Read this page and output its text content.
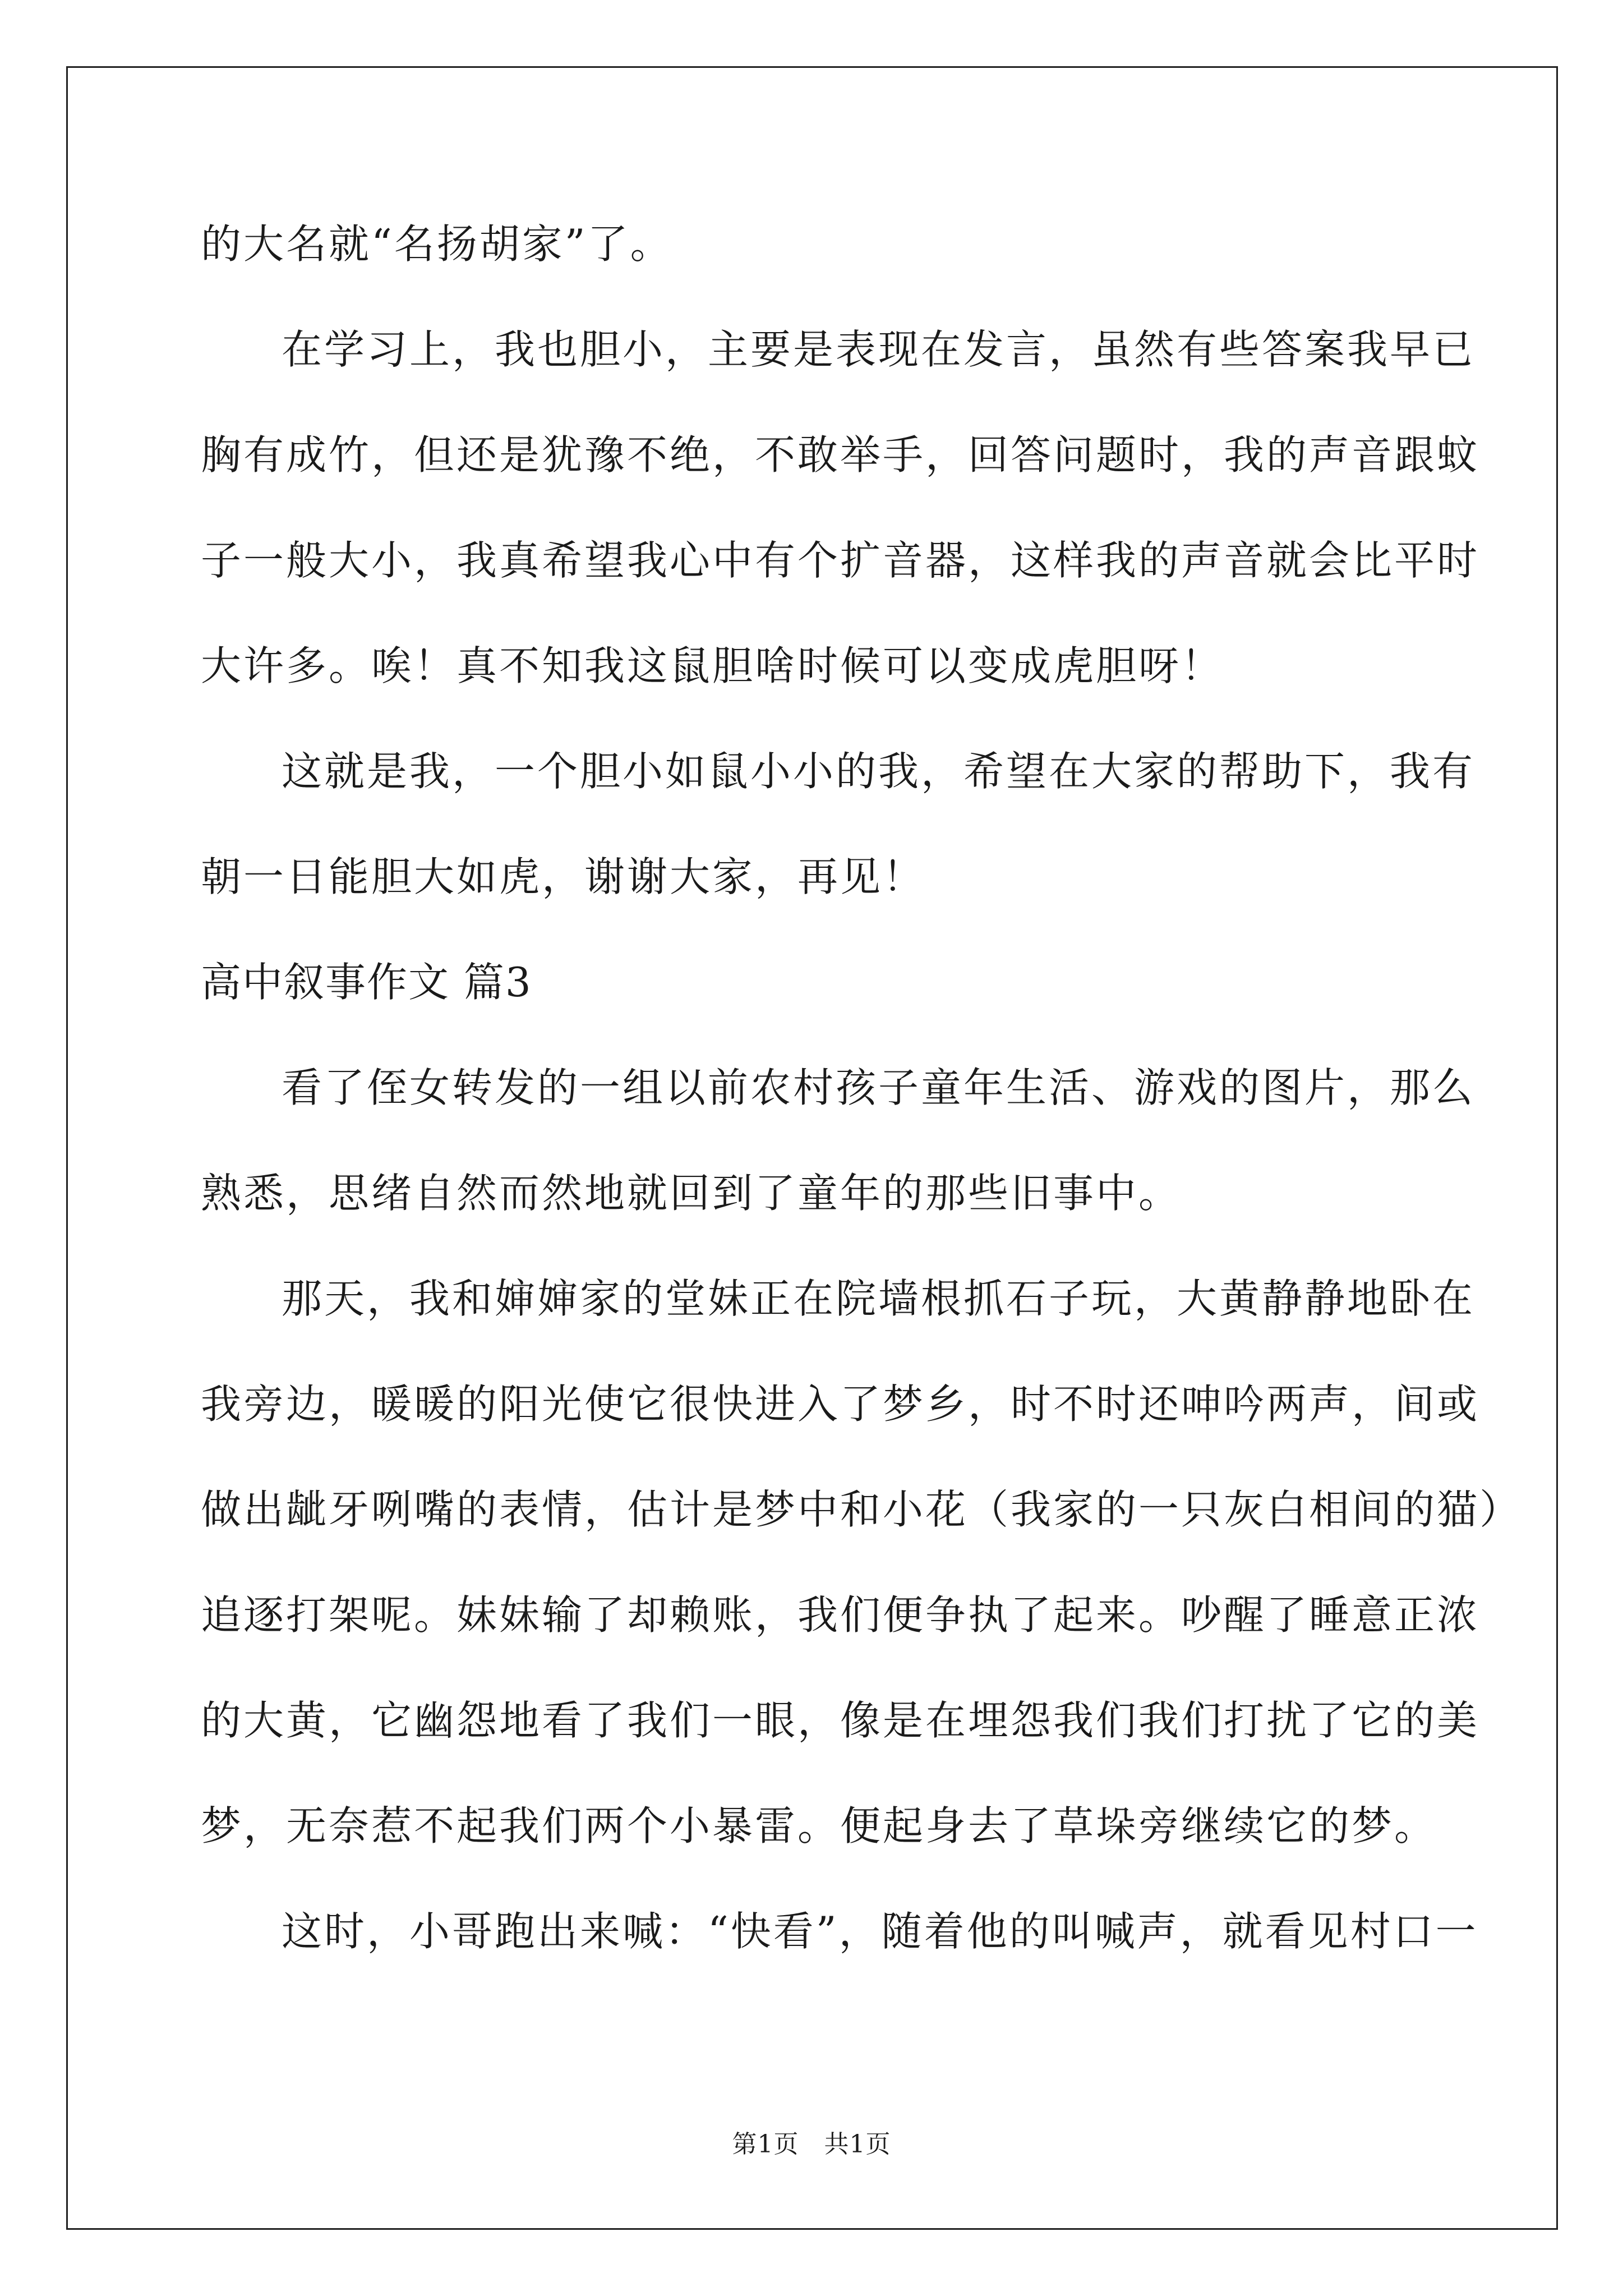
的大名就“名扬胡家”了。
在学习上，我也胆小，主要是表现在发言，虽然有些答案我早已
胸有成竹，但还是犹豫不绝，不敢举手，回答问题时，我的声音跟蚊
子一般大小，我真希望我心中有个扩音器，这样我的声音就会比平时
大许多。唉！真不知我这鼠胆啥时候可以变成虎胆呀！
这就是我，一个胆小如鼠小小的我，希望在大家的帮助下，我有
朝一日能胆大如虎，谢谢大家，再见！
高中叙事作文 篇3
看了侄女转发的一组以前农村孩子童年生活、游戏的图片，那么
熟悉，思绪自然而然地就回到了童年的那些旧事中。
那天，我和婶婶家的堂妹正在院墙根抓石子玩，大黄静静地卧在
我旁边，暖暖的阳光使它很快进入了梦乡，时不时还呻吟两声，间或
做出龇牙咧嘴的表情，估计是梦中和小花（我家的一只灰白相间的猫）
追逐打架呢。妹妹输了却赖账，我们便争执了起来。吵醒了睡意正浓
的大黄，它幽怨地看了我们一眼，像是在埋怨我们我们打扰了它的美
梦，无奈惹不起我们两个小暴雷。便起身去了草垛旁继续它的梦。
这时，小哥跑出来喊：“快看”，随着他的叫喊声，就看见村口一
第1页　共1页
